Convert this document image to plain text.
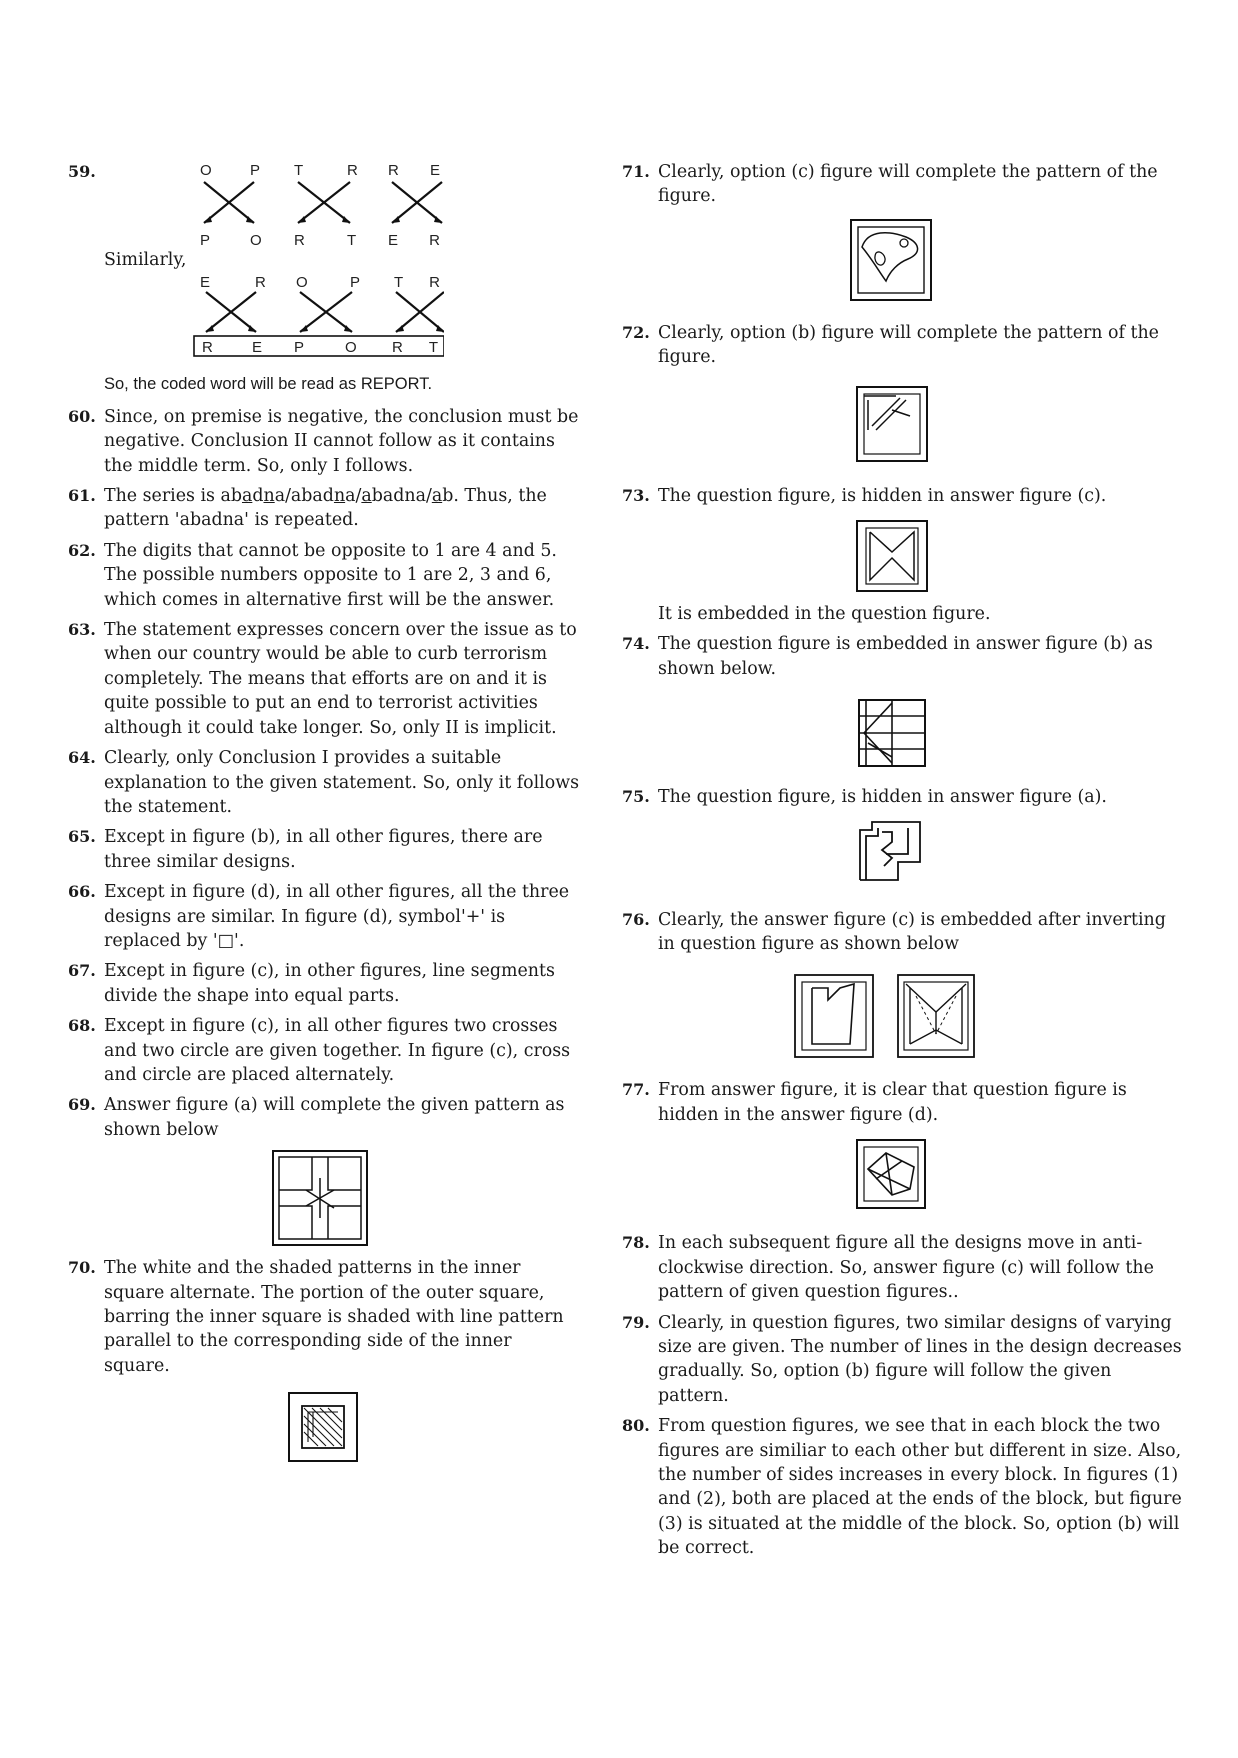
59.	O	P T	R R E
P	O R	T E R

Similarly,

E	R O	P T R
R	E P	O R T

So, the coded word will be read as REPORT.

60. Since, on premise is negative, the conclusion must be negative. Conclusion II cannot follow as it contains the middle term. So, only I follows.

61. The series is abadna/abadna/abadna/ab. Thus, the pattern 'abadna' is repeated.

62. The digits that cannot be opposite to 1 are 4 and 5. The possible numbers opposite to 1 are 2, 3 and 6, which comes in alternative first will be the answer.

63. The statement expresses concern over the issue as to when our country would be able to curb terrorism completely. The means that efforts are on and it is quite possible to put an end to terrorist activities although it could take longer. So, only II is implicit.

64. Clearly, only Conclusion I provides a suitable explanation to the given statement. So, only it follows the statement.

65. Except in figure (b), in all other figures, there are three similar designs.

66. Except in figure (d), in all other figures, all the three designs are similar. In figure (d), symbol'+' is replaced by '□'.

67. Except in figure (c), in other figures, line segments divide the shape into equal parts.

68. Except in figure (c), in all other figures two crosses and two circle are given together. In figure (c), cross and circle are placed alternately.

69. Answer figure (a) will complete the given pattern as shown below

70. The white and the shaded patterns in the inner square alternate. The portion of the outer square, barring the inner square is shaded with line pattern parallel to the corresponding side of the inner square.

71. Clearly, option (c) figure will complete the pattern of the figure.

72. Clearly, option (b) figure will complete the pattern of the figure.

73. The question figure, is hidden in answer figure (c).

It is embedded in the question figure.

74. The question figure is embedded in answer figure (b) as shown below.

75. The question figure, is hidden in answer figure (a).

76. Clearly, the answer figure (c) is embedded after inverting in question figure as shown below

77. From answer figure, it is clear that question figure is hidden in the answer figure (d).

78. In each subsequent figure all the designs move in anti-clockwise direction. So, answer figure (c) will follow the pattern of given question figures..

79. Clearly, in question figures, two similar designs of varying size are given. The number of lines in the design decreases gradually. So, option (b) figure will follow the given pattern.

80. From question figures, we see that in each block the two figures are similiar to each other but different in size. Also, the number of sides increases in every block. In figures (1) and (2), both are placed at the ends of the block, but figure (3) is situated at the middle of the block. So, option (b) will be correct.
